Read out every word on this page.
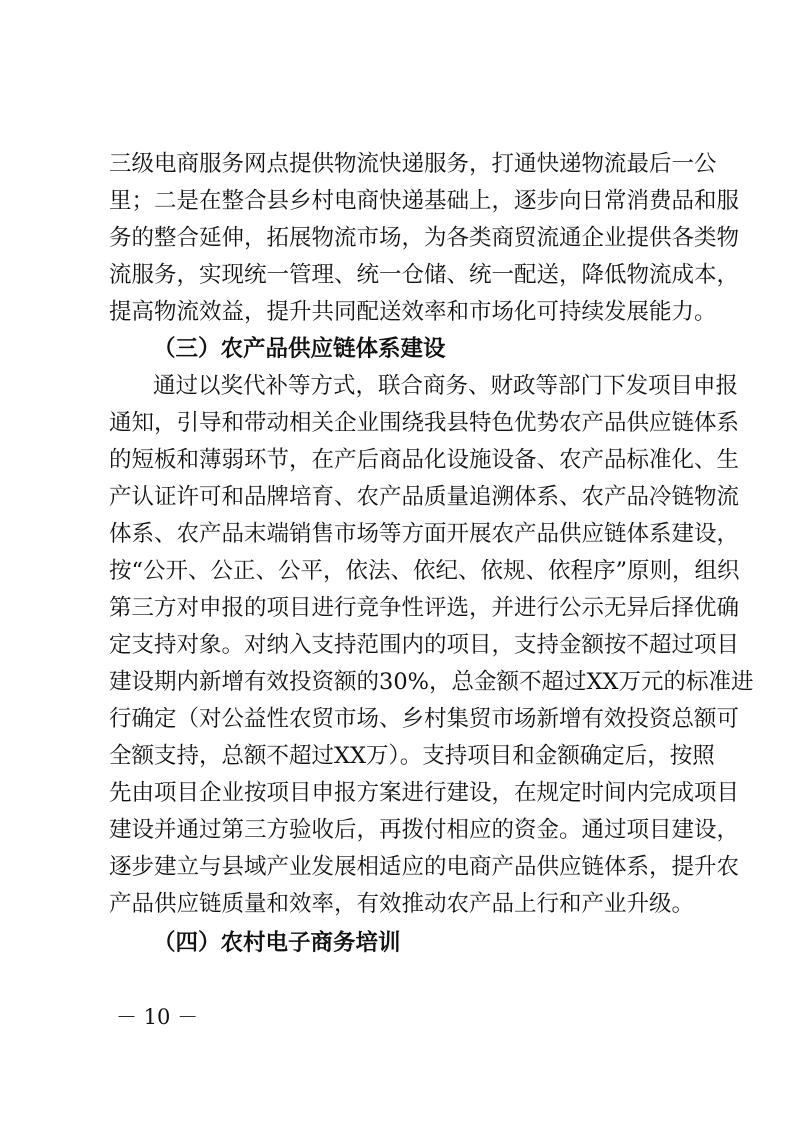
三级电商服务网点提供物流快递服务，打通快递物流最后一公
里；二是在整合县乡村电商快递基础上，逐步向日常消费品和服
务的整合延伸，拓展物流市场，为各类商贸流通企业提供各类物
流服务，实现统一管理、统一仓储、统一配送，降低物流成本，
提高物流效益，提升共同配送效率和市场化可持续发展能力。
（三）农产品供应链体系建设
通过以奖代补等方式，联合商务、财政等部门下发项目申报
通知，引导和带动相关企业围绕我县特色优势农产品供应链体系
的短板和薄弱环节，在产后商品化设施设备、农产品标准化、生
产认证许可和品牌培育、农产品质量追溯体系、农产品冷链物流
体系、农产品末端销售市场等方面开展农产品供应链体系建设，
按“公开、公正、公平，依法、依纪、依规、依程序”原则，组织
第三方对申报的项目进行竞争性评选，并进行公示无异后择优确
定支持对象。对纳入支持范围内的项目，支持金额按不超过项目
建设期内新增有效投资额的30%，总金额不超过XX万元的标准进
行确定（对公益性农贸市场、乡村集贸市场新增有效投资总额可
全额支持，总额不超过XX万）。支持项目和金额确定后，按照
先由项目企业按项目申报方案进行建设，在规定时间内完成项目
建设并通过第三方验收后，再拨付相应的资金。通过项目建设，
逐步建立与县域产业发展相适应的电商产品供应链体系，提升农
产品供应链质量和效率，有效推动农产品上行和产业升级。
（四）农村电子商务培训
－ 10 －
